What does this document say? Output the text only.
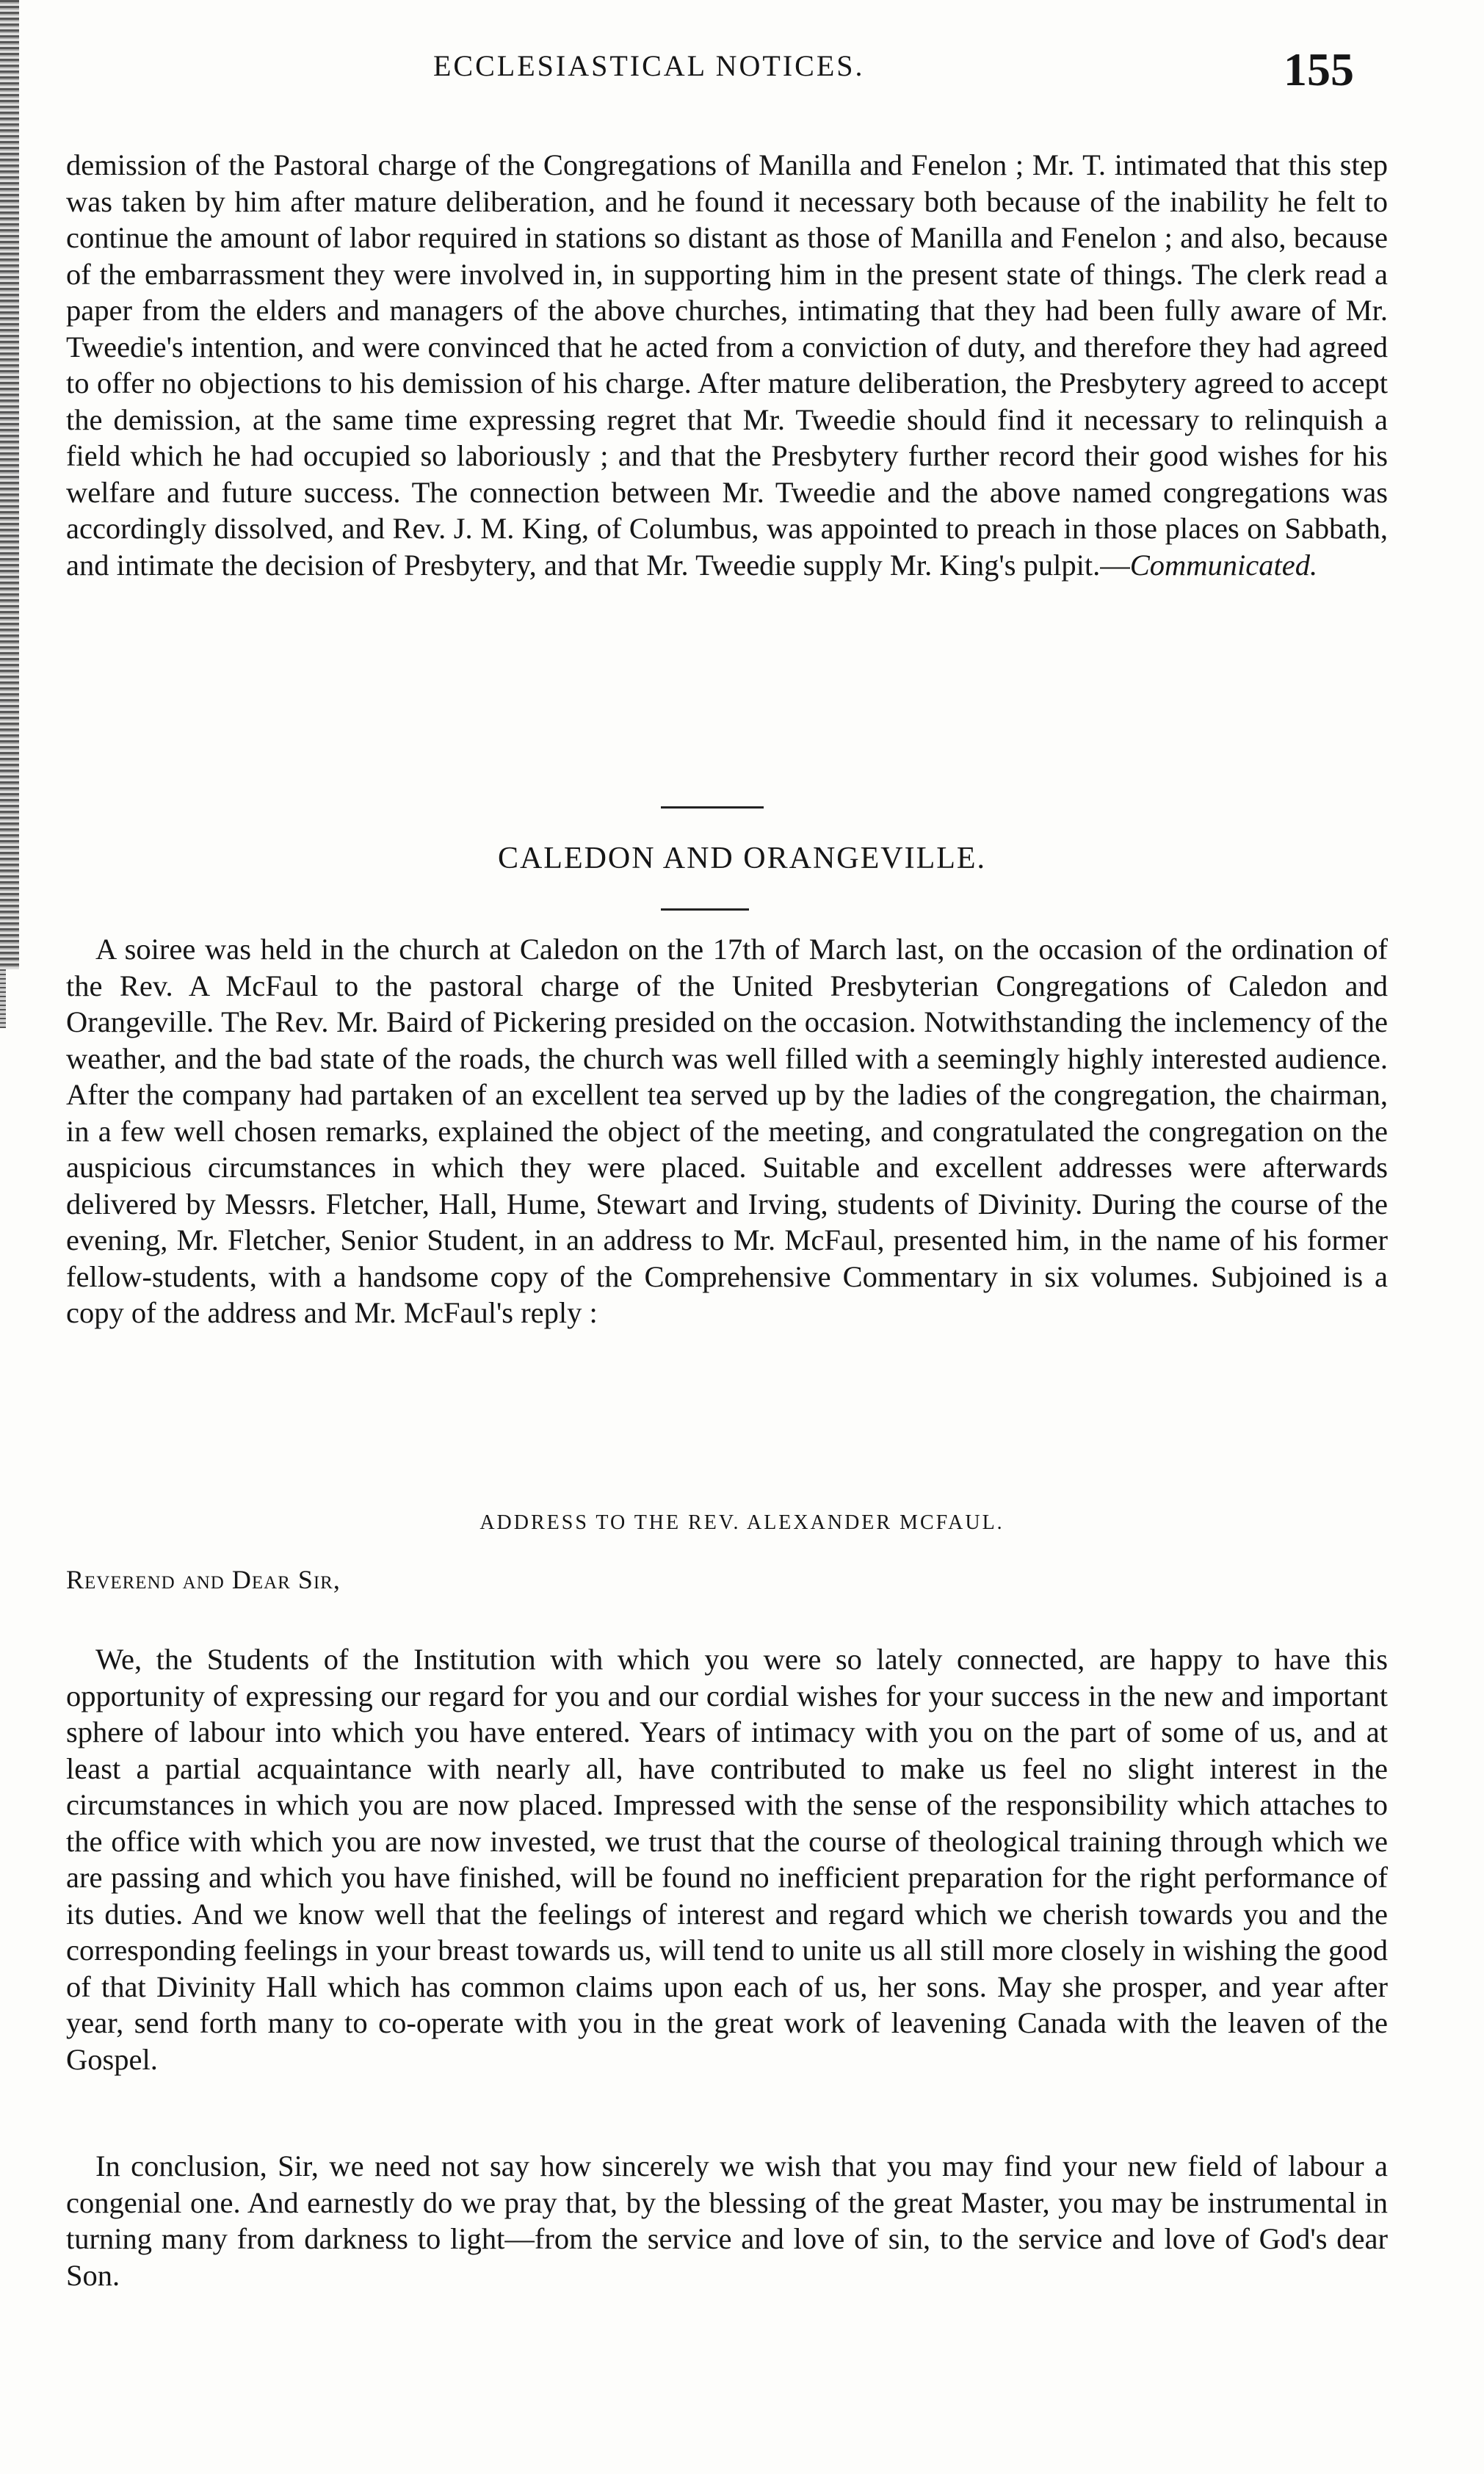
ECCLESIASTICAL NOTICES.	155

demission of the Pastoral charge of the Congregations of Manilla and Fenelon ; Mr. T. intimated that this step was taken by him after mature deliberation, and he found it necessary both because of the inability he felt to continue the amount of labor required in stations so distant as those of Manilla and Fenelon ; and also, because of the embarrassment they were involved in, in supporting him in the present state of things. The clerk read a paper from the elders and managers of the above churches, intimating that they had been fully aware of Mr. Tweedie's intention, and were convinced that he acted from a conviction of duty, and therefore they had agreed to offer no objections to his demission of his charge. After mature deliberation, the Presbytery agreed to accept the demission, at the same time expressing regret that Mr. Tweedie should find it necessary to relinquish a field which he had occupied so laboriously ; and that the Presbytery further record their good wishes for his welfare and future success. The connection between Mr. Tweedie and the above named congregations was accordingly dissolved, and Rev. J. M. King, of Columbus, was appointed to preach in those places on Sabbath, and intimate the decision of Presbytery, and that Mr. Tweedie supply Mr. King's pulpit.—Communicated.

CALEDON AND ORANGEVILLE.

A soiree was held in the church at Caledon on the 17th of March last, on the occasion of the ordination of the Rev. A McFaul to the pastoral charge of the United Presbyterian Congregations of Caledon and Orangeville. The Rev. Mr. Baird of Pickering presided on the occasion. Notwithstanding the inclemency of the weather, and the bad state of the roads, the church was well filled with a seemingly highly interested audience. After the company had partaken of an excellent tea served up by the ladies of the congregation, the chairman, in a few well chosen remarks, explained the object of the meeting, and congratulated the congregation on the auspicious circumstances in which they were placed. Suitable and excellent addresses were afterwards delivered by Messrs. Fletcher, Hall, Hume, Stewart and Irving, students of Divinity. During the course of the evening, Mr. Fletcher, Senior Student, in an address to Mr. McFaul, presented him, in the name of his former fellow-students, with a handsome copy of the Comprehensive Commentary in six volumes. Subjoined is a copy of the address and Mr. McFaul's reply :

ADDRESS TO THE REV. ALEXANDER MCFAUL.
Reverend and Dear Sir,

We, the Students of the Institution with which you were so lately connected, are happy to have this opportunity of expressing our regard for you and our cordial wishes for your success in the new and important sphere of labour into which you have entered. Years of intimacy with you on the part of some of us, and at least a partial acquaintance with nearly all, have contributed to make us feel no slight interest in the circumstances in which you are now placed. Impressed with the sense of the responsibility which attaches to the office with which you are now invested, we trust that the course of theological training through which we are passing and which you have finished, will be found no inefficient preparation for the right performance of its duties. And we know well that the feelings of interest and regard which we cherish towards you and the corresponding feelings in your breast towards us, will tend to unite us all still more closely in wishing the good of that Divinity Hall which has common claims upon each of us, her sons. May she prosper, and year after year, send forth many to co-operate with you in the great work of leavening Canada with the leaven of the Gospel.

In conclusion, Sir, we need not say how sincerely we wish that you may find your new field of labour a congenial one. And earnestly do we pray that, by the blessing of the great Master, you may be instrumental in turning many from darkness to light—from the service and love of sin, to the service and love of God's dear Son.
